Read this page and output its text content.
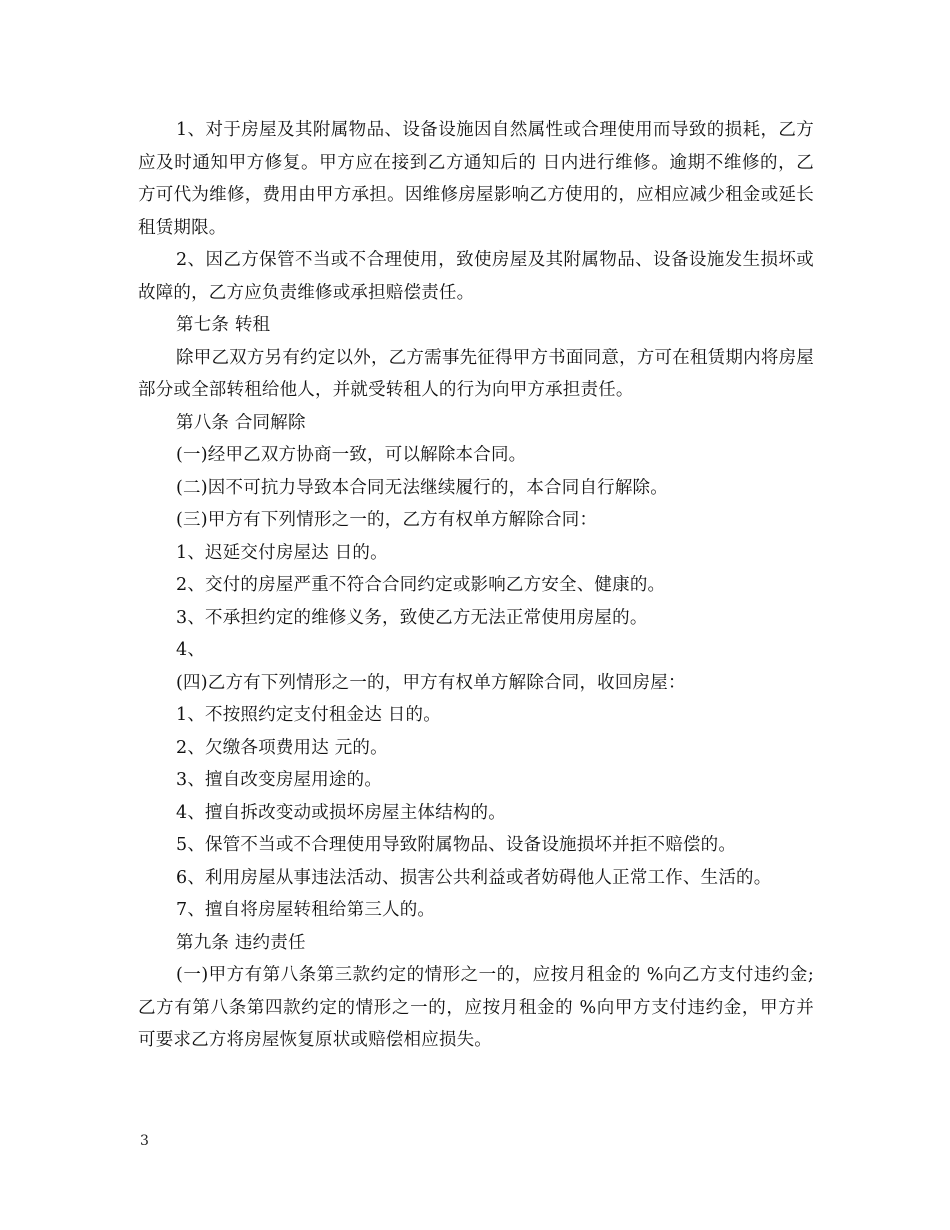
1、对于房屋及其附属物品、设备设施因自然属性或合理使用而导致的损耗，乙方应及时通知甲方修复。甲方应在接到乙方通知后的 日内进行维修。逾期不维修的，乙方可代为维修，费用由甲方承担。因维修房屋影响乙方使用的，应相应减少租金或延长租赁期限。

2、因乙方保管不当或不合理使用，致使房屋及其附属物品、设备设施发生损坏或故障的，乙方应负责维修或承担赔偿责任。

第七条 转租

除甲乙双方另有约定以外，乙方需事先征得甲方书面同意，方可在租赁期内将房屋部分或全部转租给他人，并就受转租人的行为向甲方承担责任。

第八条 合同解除

(一)经甲乙双方协商一致，可以解除本合同。

(二)因不可抗力导致本合同无法继续履行的，本合同自行解除。

(三)甲方有下列情形之一的，乙方有权单方解除合同：

1、迟延交付房屋达 日的。

2、交付的房屋严重不符合合同约定或影响乙方安全、健康的。

3、不承担约定的维修义务，致使乙方无法正常使用房屋的。

4、

(四)乙方有下列情形之一的，甲方有权单方解除合同，收回房屋：

1、不按照约定支付租金达 日的。

2、欠缴各项费用达 元的。

3、擅自改变房屋用途的。

4、擅自拆改变动或损坏房屋主体结构的。

5、保管不当或不合理使用导致附属物品、设备设施损坏并拒不赔偿的。

6、利用房屋从事违法活动、损害公共利益或者妨碍他人正常工作、生活的。

7、擅自将房屋转租给第三人的。

第九条 违约责任

(一)甲方有第八条第三款约定的情形之一的，应按月租金的 %向乙方支付违约金;乙方有第八条第四款约定的情形之一的，应按月租金的 %向甲方支付违约金，甲方并可要求乙方将房屋恢复原状或赔偿相应损失。

3
